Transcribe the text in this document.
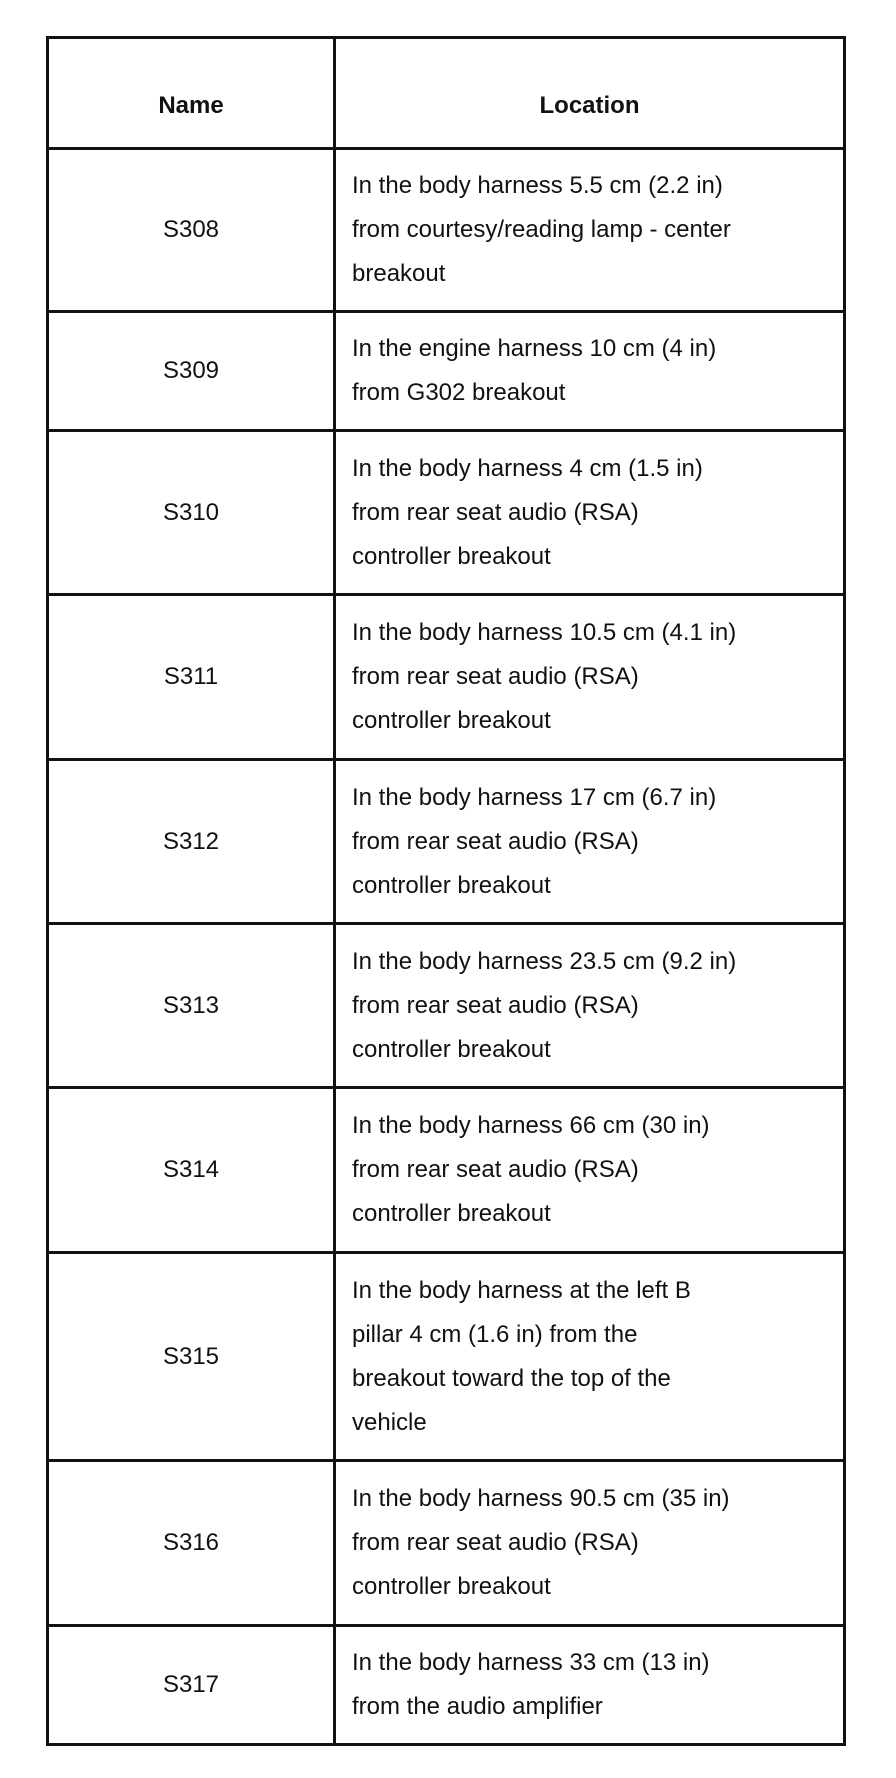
Name	Location
S308
In the body harness 5.5 cm (2.2 in)
from courtesy/reading lamp - center
breakout
S309
In the engine harness 10 cm (4 in)
from G302 breakout
S310
In the body harness 4 cm (1.5 in)
from rear seat audio (RSA)
controller breakout
S311
In the body harness 10.5 cm (4.1 in)
from rear seat audio (RSA)
controller breakout
S312
In the body harness 17 cm (6.7 in)
from rear seat audio (RSA)
controller breakout
S313
In the body harness 23.5 cm (9.2 in)
from rear seat audio (RSA)
controller breakout
S314
In the body harness 66 cm (30 in)
from rear seat audio (RSA)
controller breakout
S315
In the body harness at the left B
pillar 4 cm (1.6 in) from the
breakout toward the top of the
vehicle
S316
In the body harness 90.5 cm (35 in)
from rear seat audio (RSA)
controller breakout
S317
In the body harness 33 cm (13 in)
from the audio amplifier
